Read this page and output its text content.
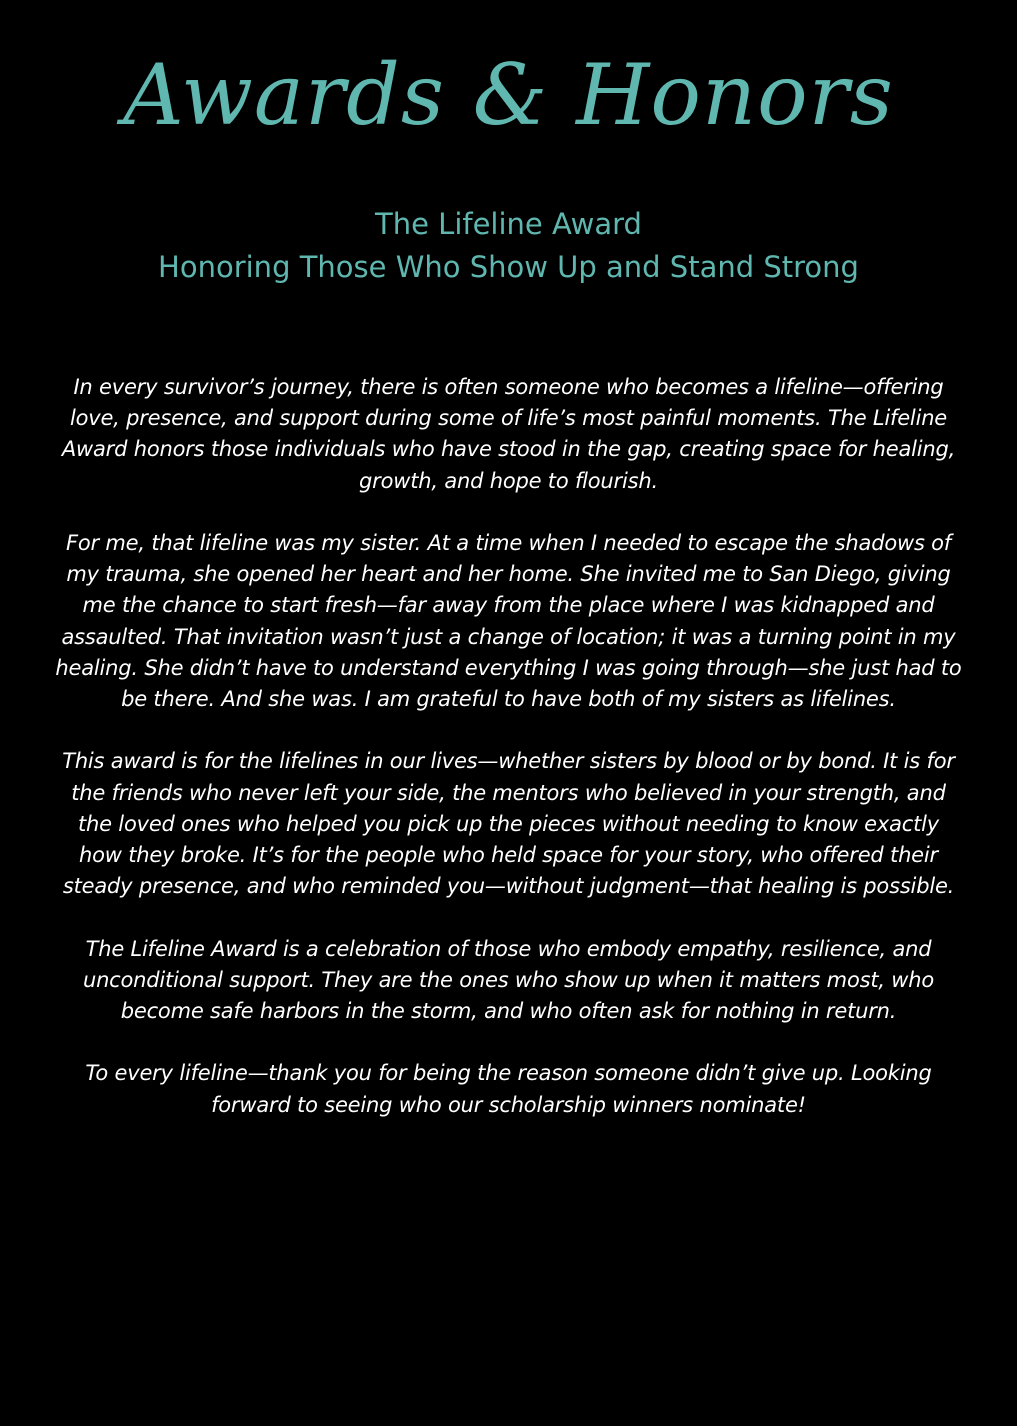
Awards & Honors
The Lifeline Award
Honoring Those Who Show Up and Stand Strong

In every survivor’s journey, there is often someone who becomes a lifeline—offering love, presence, and support during some of life’s most painful moments. The Lifeline Award honors those individuals who have stood in the gap, creating space for healing, growth, and hope to flourish.

For me, that lifeline was my sister. At a time when I needed to escape the shadows of my trauma, she opened her heart and her home. She invited me to San Diego, giving me the chance to start fresh—far away from the place where I was kidnapped and assaulted. That invitation wasn’t just a change of location; it was a turning point in my healing. She didn’t have to understand everything I was going through—she just had to be there. And she was. I am grateful to have both of my sisters as lifelines.

This award is for the lifelines in our lives—whether sisters by blood or by bond. It is for the friends who never left your side, the mentors who believed in your strength, and the loved ones who helped you pick up the pieces without needing to know exactly how they broke. It’s for the people who held space for your story, who offered their steady presence, and who reminded you—without judgment—that healing is possible.

The Lifeline Award is a celebration of those who embody empathy, resilience, and unconditional support. They are the ones who show up when it matters most, who become safe harbors in the storm, and who often ask for nothing in return.

To every lifeline—thank you for being the reason someone didn’t give up. Looking forward to seeing who our scholarship winners nominate!
